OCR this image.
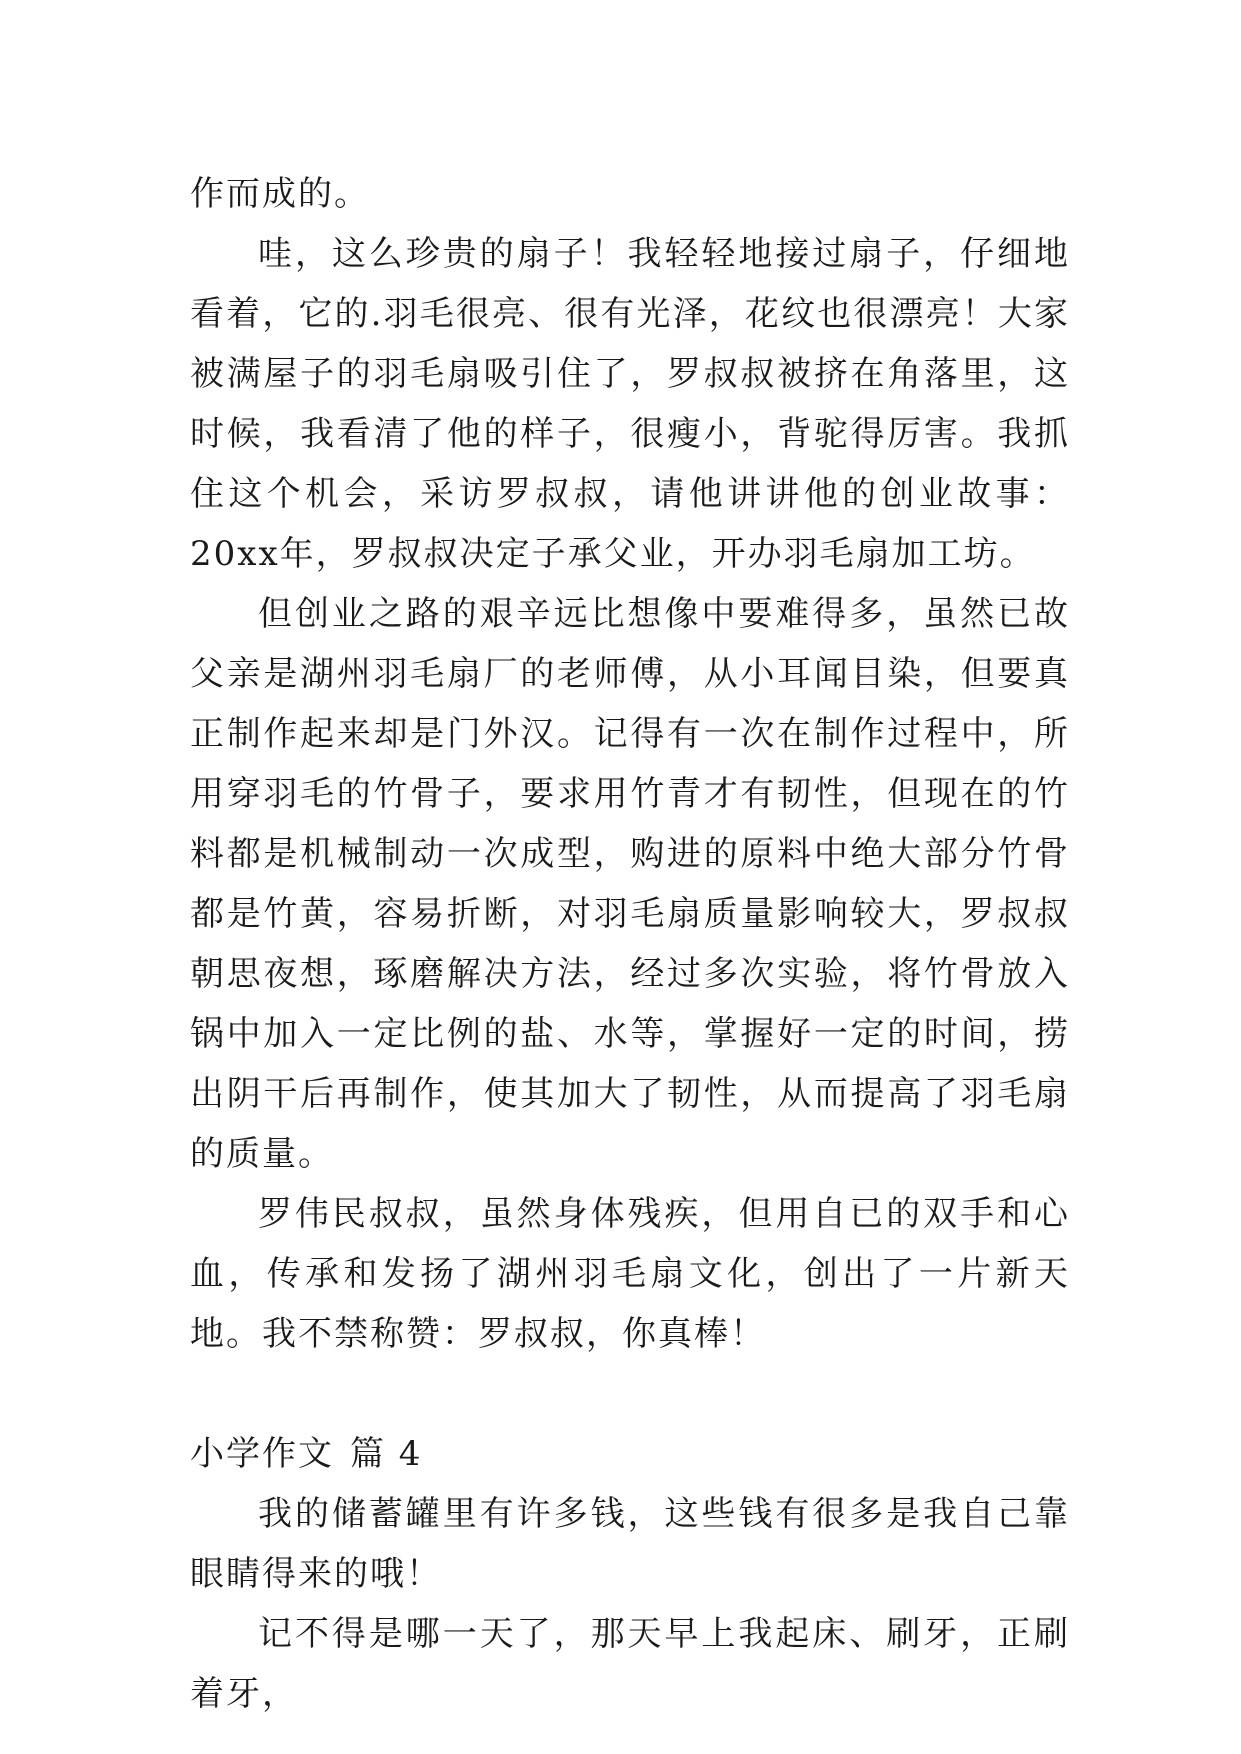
作而成的。

哇，这么珍贵的扇子！我轻轻地接过扇子，仔细地看着，它的.羽毛很亮、很有光泽，花纹也很漂亮！大家被满屋子的羽毛扇吸引住了，罗叔叔被挤在角落里，这时候，我看清了他的样子，很瘦小，背驼得厉害。我抓住这个机会，采访罗叔叔，请他讲讲他的创业故事：20xx年，罗叔叔决定子承父业，开办羽毛扇加工坊。

但创业之路的艰辛远比想像中要难得多，虽然已故父亲是湖州羽毛扇厂的老师傅，从小耳闻目染，但要真正制作起来却是门外汉。记得有一次在制作过程中，所用穿羽毛的竹骨子，要求用竹青才有韧性，但现在的竹料都是机械制动一次成型，购进的原料中绝大部分竹骨都是竹黄，容易折断，对羽毛扇质量影响较大，罗叔叔朝思夜想，琢磨解决方法，经过多次实验，将竹骨放入锅中加入一定比例的盐、水等，掌握好一定的时间，捞出阴干后再制作，使其加大了韧性，从而提高了羽毛扇的质量。

罗伟民叔叔，虽然身体残疾，但用自已的双手和心血，传承和发扬了湖州羽毛扇文化，创出了一片新天地。我不禁称赞：罗叔叔，你真棒！

小学作文 篇 4

我的储蓄罐里有许多钱，这些钱有很多是我自己靠眼睛得来的哦！

记不得是哪一天了，那天早上我起床、刷牙，正刷着牙，
